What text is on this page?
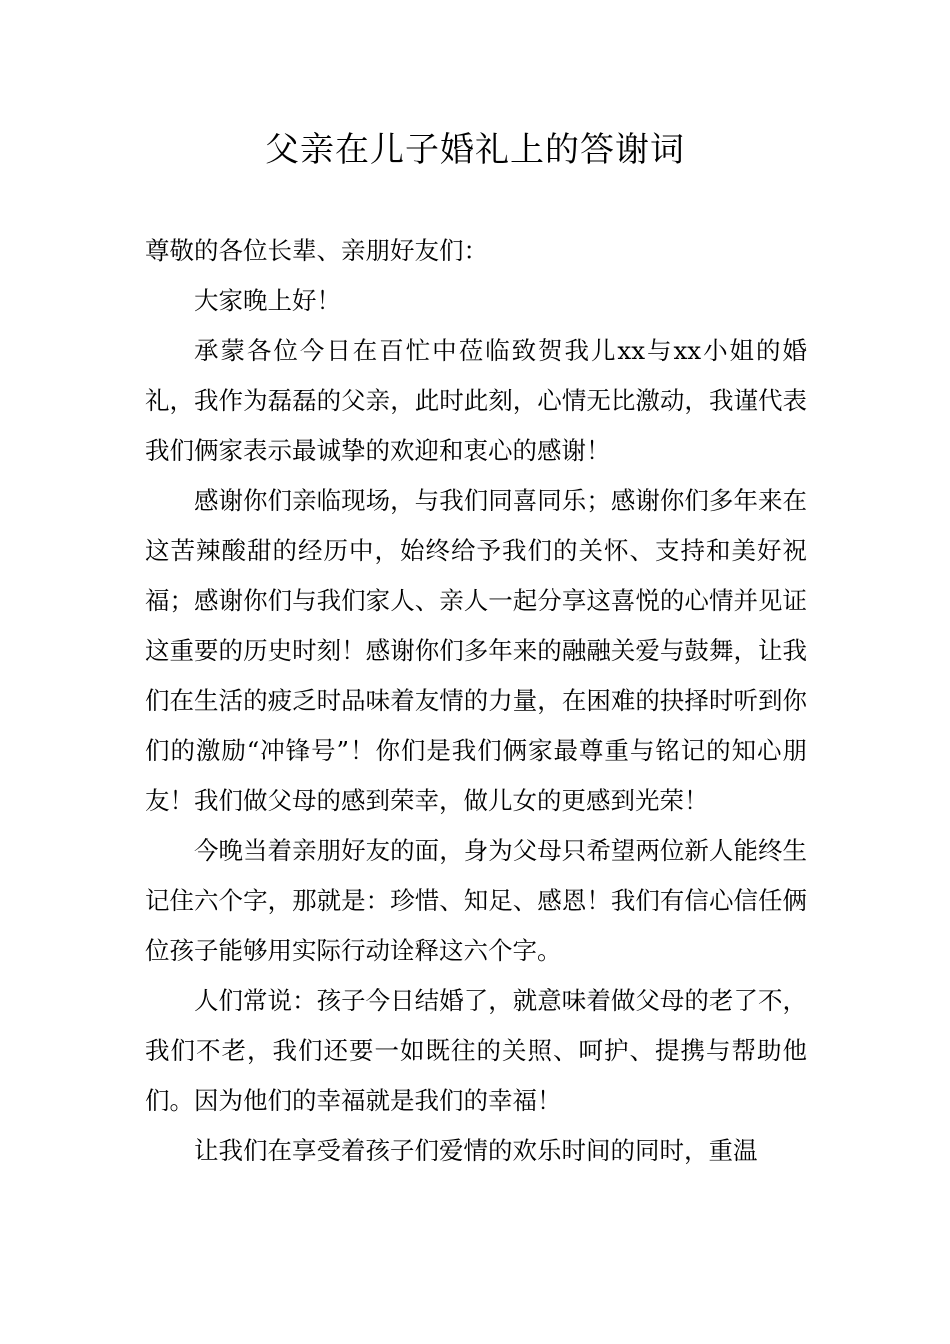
父亲在儿子婚礼上的答谢词

尊敬的各位长辈、亲朋好友们：

大家晚上好！

承蒙各位今日在百忙中莅临致贺我儿xx与xx小姐的婚礼，我作为磊磊的父亲，此时此刻，心情无比激动，我谨代表我们俩家表示最诚挚的欢迎和衷心的感谢！

感谢你们亲临现场，与我们同喜同乐；感谢你们多年来在这苦辣酸甜的经历中，始终给予我们的关怀、支持和美好祝福；感谢你们与我们家人、亲人一起分享这喜悦的心情并见证这重要的历史时刻！感谢你们多年来的融融关爱与鼓舞，让我们在生活的疲乏时品味着友情的力量，在困难的抉择时听到你们的激励“冲锋号”！你们是我们俩家最尊重与铭记的知心朋友！我们做父母的感到荣幸，做儿女的更感到光荣！

今晚当着亲朋好友的面，身为父母只希望两位新人能终生记住六个字，那就是：珍惜、知足、感恩！我们有信心信任俩位孩子能够用实际行动诠释这六个字。

人们常说：孩子今日结婚了，就意味着做父母的老了不，我们不老，我们还要一如既往的关照、呵护、提携与帮助他们。因为他们的幸福就是我们的幸福！

让我们在享受着孩子们爱情的欢乐时间的同时，重温
